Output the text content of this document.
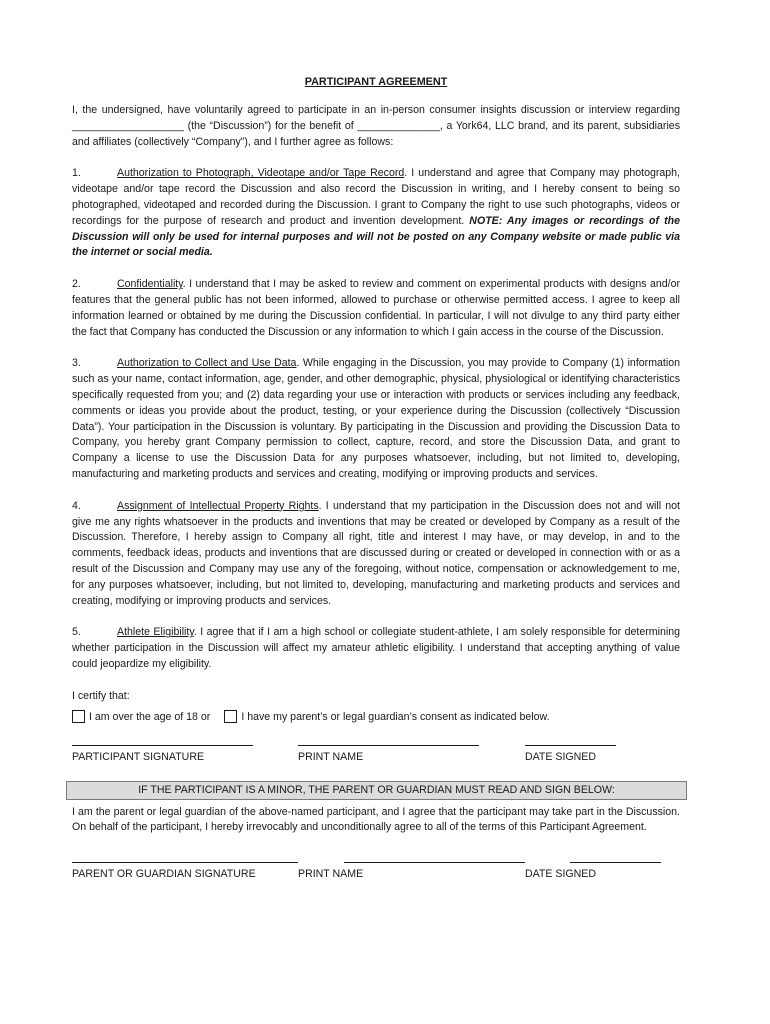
PARTICIPANT AGREEMENT

I, the undersigned, have voluntarily agreed to participate in an in-person consumer insights discussion or interview regarding ___________________ (the “Discussion”) for the benefit of ______________, a York64, LLC brand, and its parent, subsidiaries and affiliates (collectively “Company”), and I further agree as follows:

1.	Authorization to Photograph, Videotape and/or Tape Record. I understand and agree that Company may photograph, videotape and/or tape record the Discussion and also record the Discussion in writing, and I hereby consent to being so photographed, videotaped and recorded during the Discussion. I grant to Company the right to use such photographs, videos or recordings for the purpose of research and product and invention development. NOTE: Any images or recordings of the Discussion will only be used for internal purposes and will not be posted on any Company website or made public via the internet or social media.

2.	Confidentiality. I understand that I may be asked to review and comment on experimental products with designs and/or features that the general public has not been informed, allowed to purchase or otherwise permitted access. I agree to keep all information learned or obtained by me during the Discussion confidential. In particular, I will not divulge to any third party either the fact that Company has conducted the Discussion or any information to which I gain access in the course of the Discussion.

3.	Authorization to Collect and Use Data. While engaging in the Discussion, you may provide to Company (1) information such as your name, contact information, age, gender, and other demographic, physical, physiological or identifying characteristics specifically requested from you; and (2) data regarding your use or interaction with products or services including any feedback, comments or ideas you provide about the product, testing, or your experience during the Discussion (collectively “Discussion Data”). Your participation in the Discussion is voluntary. By participating in the Discussion and providing the Discussion Data to Company, you hereby grant Company permission to collect, capture, record, and store the Discussion Data, and grant to Company a license to use the Discussion Data for any purposes whatsoever, including, but not limited to, developing, manufacturing and marketing products and services and creating, modifying or improving products and services.

4.	Assignment of Intellectual Property Rights. I understand that my participation in the Discussion does not and will not give me any rights whatsoever in the products and inventions that may be created or developed by Company as a result of the Discussion. Therefore, I hereby assign to Company all right, title and interest I may have, or may develop, in and to the comments, feedback ideas, products and inventions that are discussed during or created or developed in connection with or as a result of the Discussion and Company may use any of the foregoing, without notice, compensation or acknowledgement to me, for any purposes whatsoever, including, but not limited to, developing, manufacturing and marketing products and services and creating, modifying or improving products and services.

5.	Athlete Eligibility. I agree that if I am a high school or collegiate student-athlete, I am solely responsible for determining whether participation in the Discussion will affect my amateur athletic eligibility. I understand that accepting anything of value could jeopardize my eligibility.

I certify that:

I am over the age of 18 or	I have my parent’s or legal guardian’s consent as indicated below.
PARTICIPANT SIGNATURE	PRINT NAME	DATE SIGNED
IF THE PARTICIPANT IS A MINOR, THE PARENT OR GUARDIAN MUST READ AND SIGN BELOW:

I am the parent or legal guardian of the above-named participant, and I agree that the participant may take part in the Discussion. On behalf of the participant, I hereby irrevocably and unconditionally agree to all of the terms of this Participant Agreement.

PARENT OR GUARDIAN SIGNATURE	PRINT NAME	DATE SIGNED
